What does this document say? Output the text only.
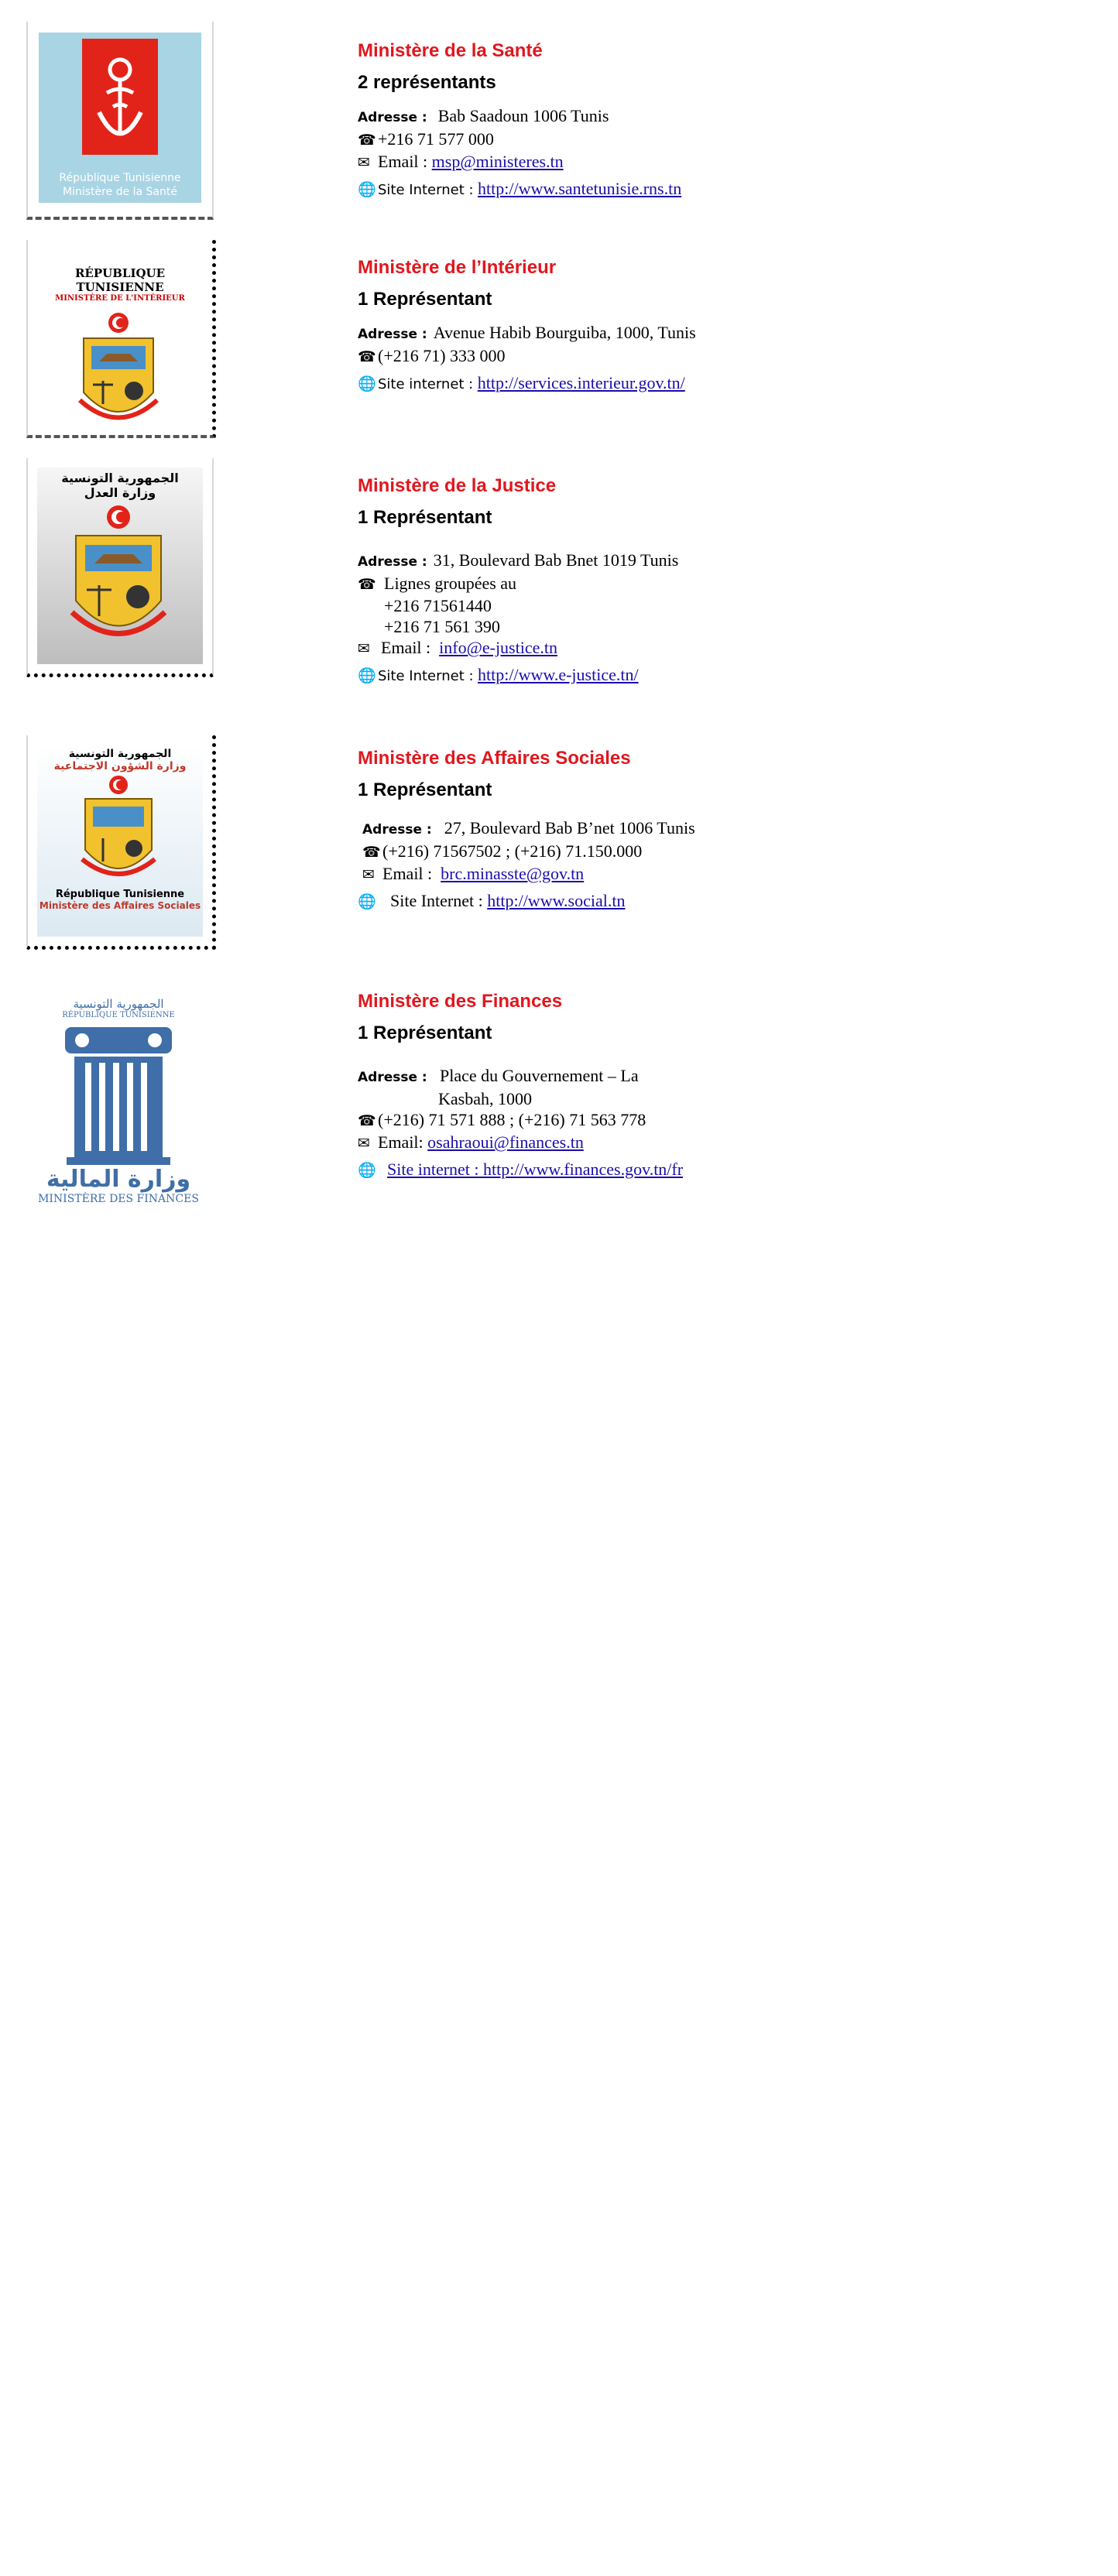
République Tunisienne
Ministère de la Santé
Ministère de la Santé
2 représentants
Adresse : Bab Saadoun 1006 Tunis
☎ +216 71 577 000
✉ Email :
msp@ministeres.tn
🌐 Site Internet :
http://www.santetunisie.rns.tn
RÉPUBLIQUE TUNISIENNE
MINISTÈRE DE L'INTÉRIEUR
Ministère de l’Intérieur
1 Représentant
Adresse : Avenue Habib Bourguiba, 1000, Tunis
☎ (+216 71) 333 000
🌐 Site internet :
http://services.interieur.gov.tn/
الجمهورية التونسية
وزارة العدل	Ministère de la Justice
1 Représentant
Adresse : 31, Boulevard Bab Bnet 1019 Tunis
☎ Lignes groupées au
+216 71561440
+216 71 561 390
✉ Email :
info@e-justice.tn
🌐 Site Internet :
http://www.e-justice.tn/
الجمهورية التونسية
وزارة الشؤون الاجتماعية
République Tunisienne
Ministère des Affaires Sociales
Ministère des Affaires Sociales
1 Représentant
Adresse : 27, Boulevard Bab B’net 1006 Tunis
☎ (+216) 71567502 ; (+216) 71.150.000
✉ Email :
brc.minasste@gov.tn
🌐 Site Internet :
http://www.social.tn
الجمهورية التونسية
RÉPUBLIQUE TUNISIENNE
وزارة المالية
MINISTÈRE DES FINANCES
Ministère des Finances
1 Représentant
Adresse : Place du Gouvernement – La
Kasbah, 1000
☎ (+216) 71 571 888 ; (+216) 71 563 778
✉ Email:
osahraoui@finances.tn
🌐 Site internet : http://www.finances.gov.tn/fr
